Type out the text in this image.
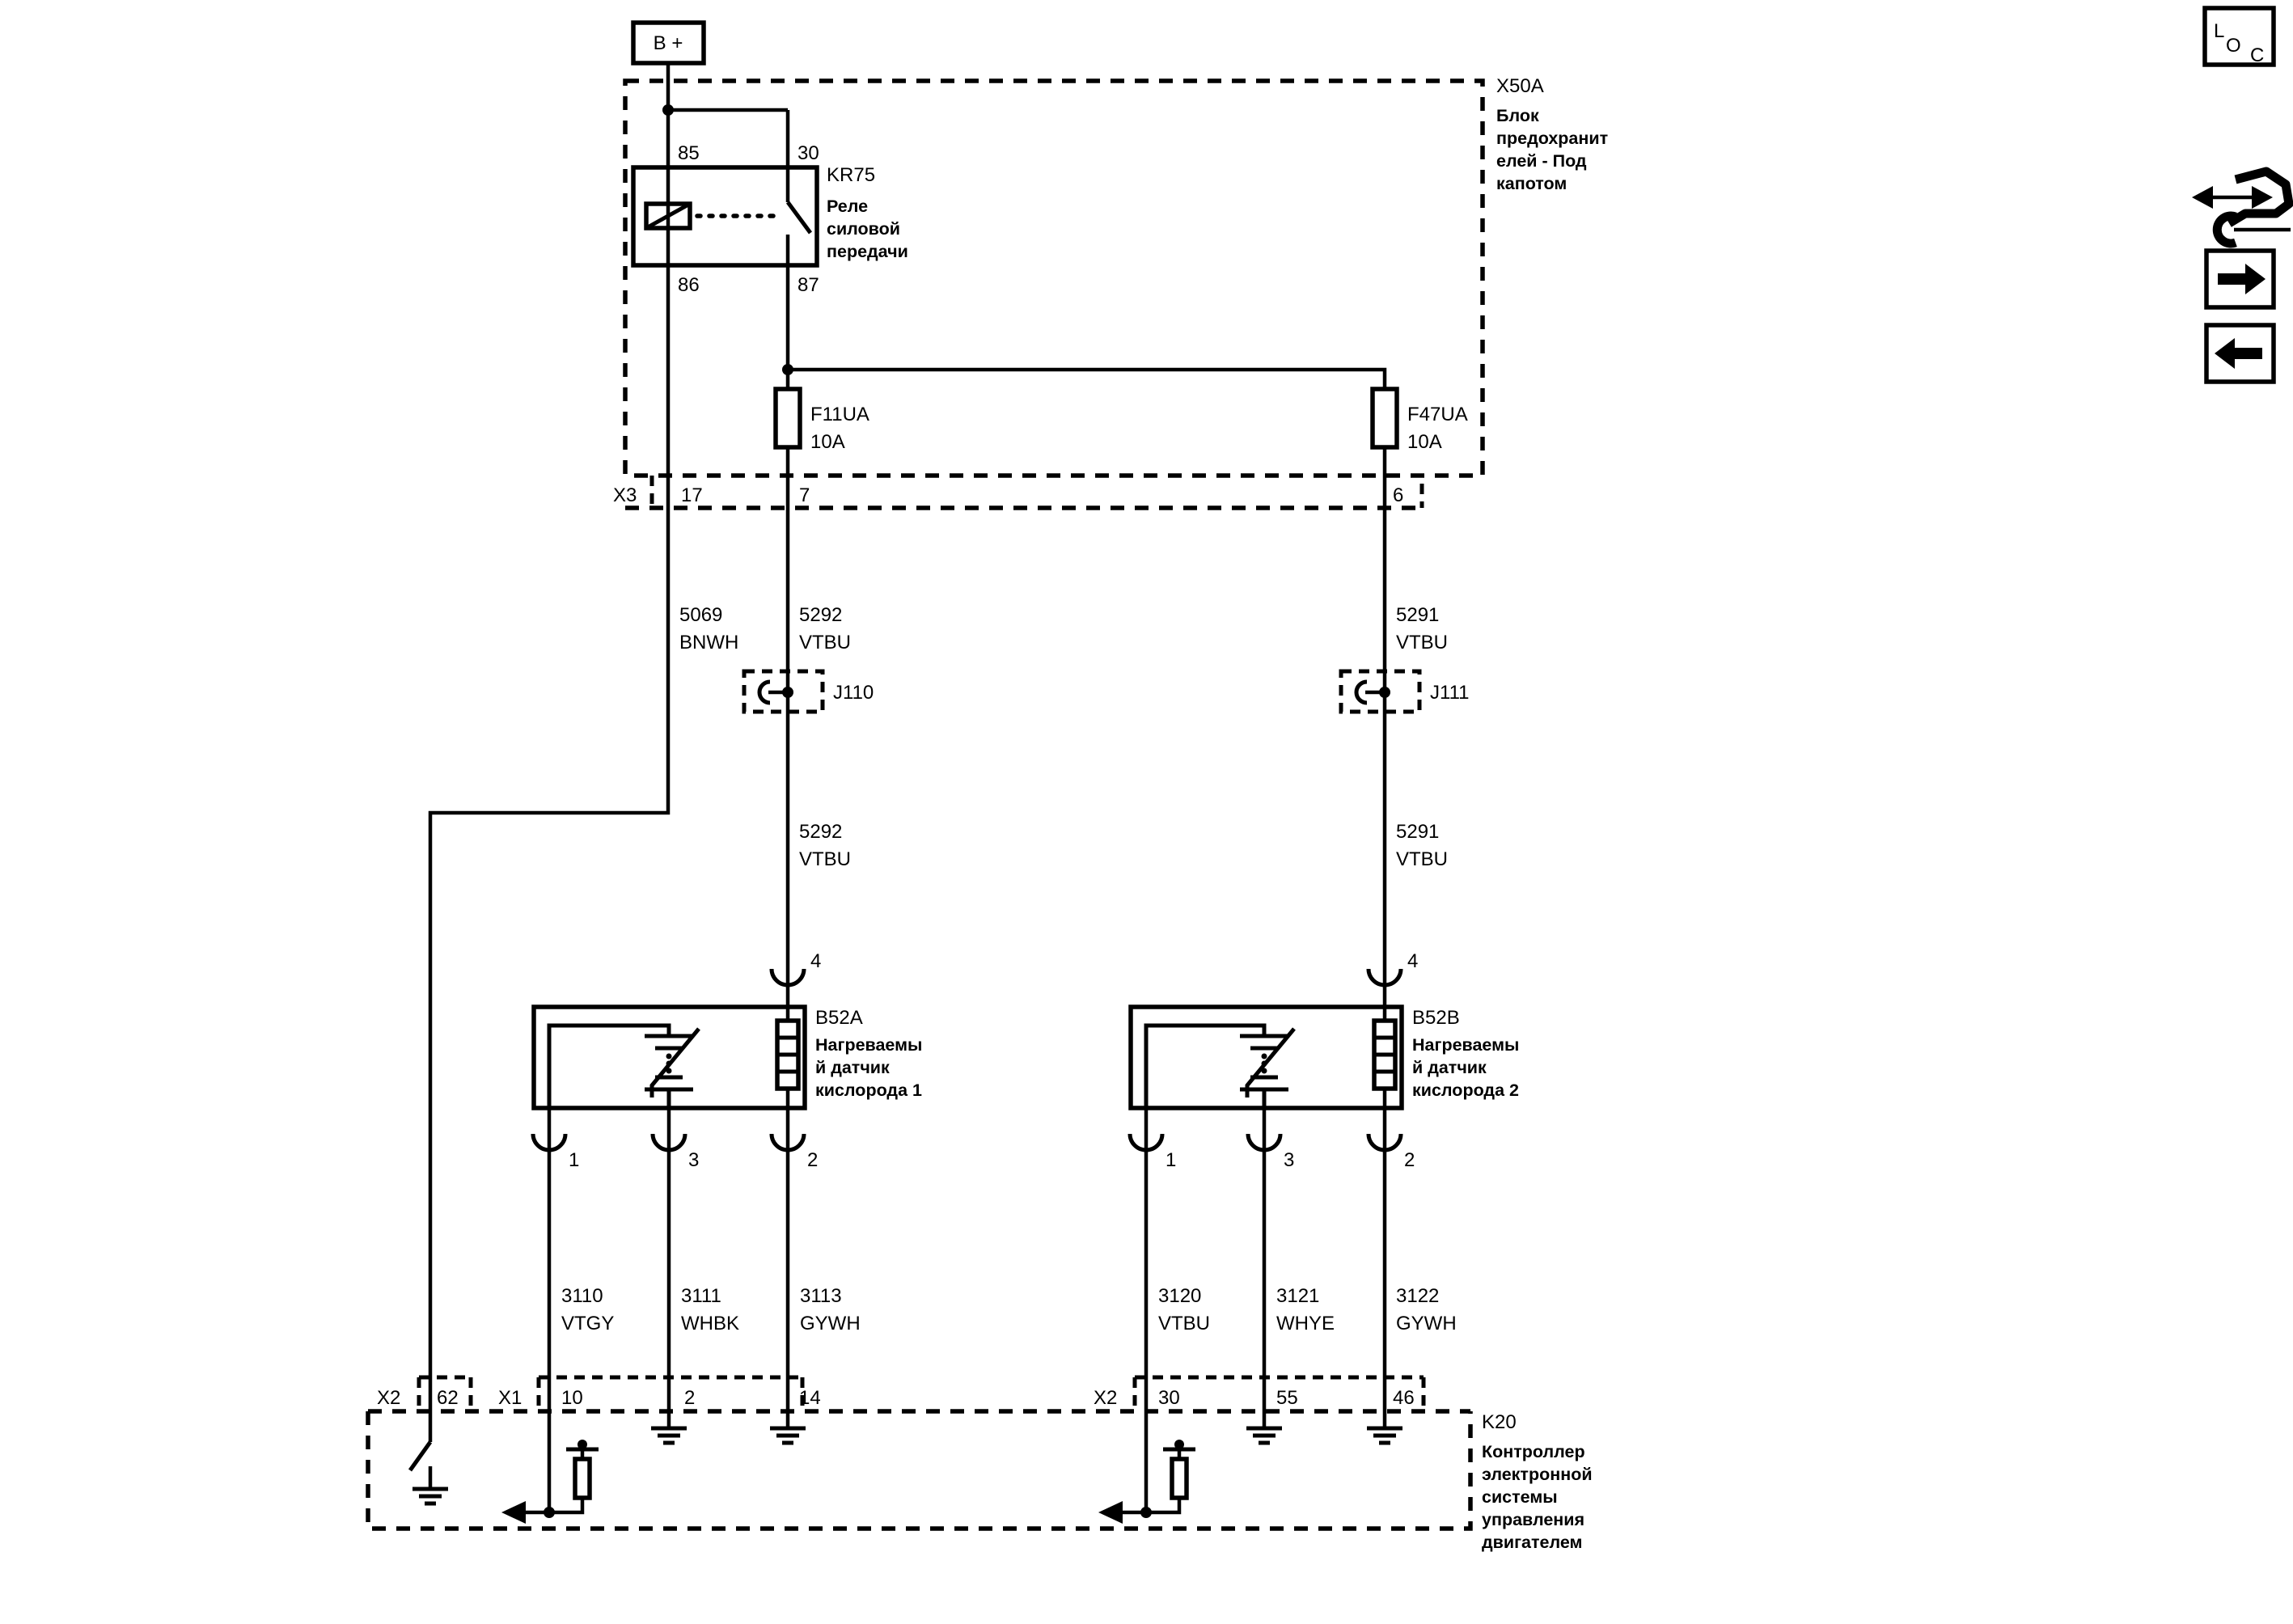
X50A
Блок
предохранит
елей - Под
капотом
B +
85	30
86	87
KR75
Реле
силовой
передачи
F11UA
10A
F47UA
10A
X3 17	7	6
5069
BNWH
5292
VTBU
5291
VTBU
J110	J111
5292
VTBU
5291
VTBU
4	4
B52A
Нагреваемы
й датчик
кислорода 1
B52B
Нагреваемы
й датчик
кислорода 2
1	3	2	1	3	2
3110
VTGY
3111
WHBK
3113
GYWH
3120
VTBU
3121
WHYE
3122
GYWH
X2 62 X1 10	2	14	X2 30	55	46
K20
Контроллер
электронной
системы
управления
двигателем
L
O C
